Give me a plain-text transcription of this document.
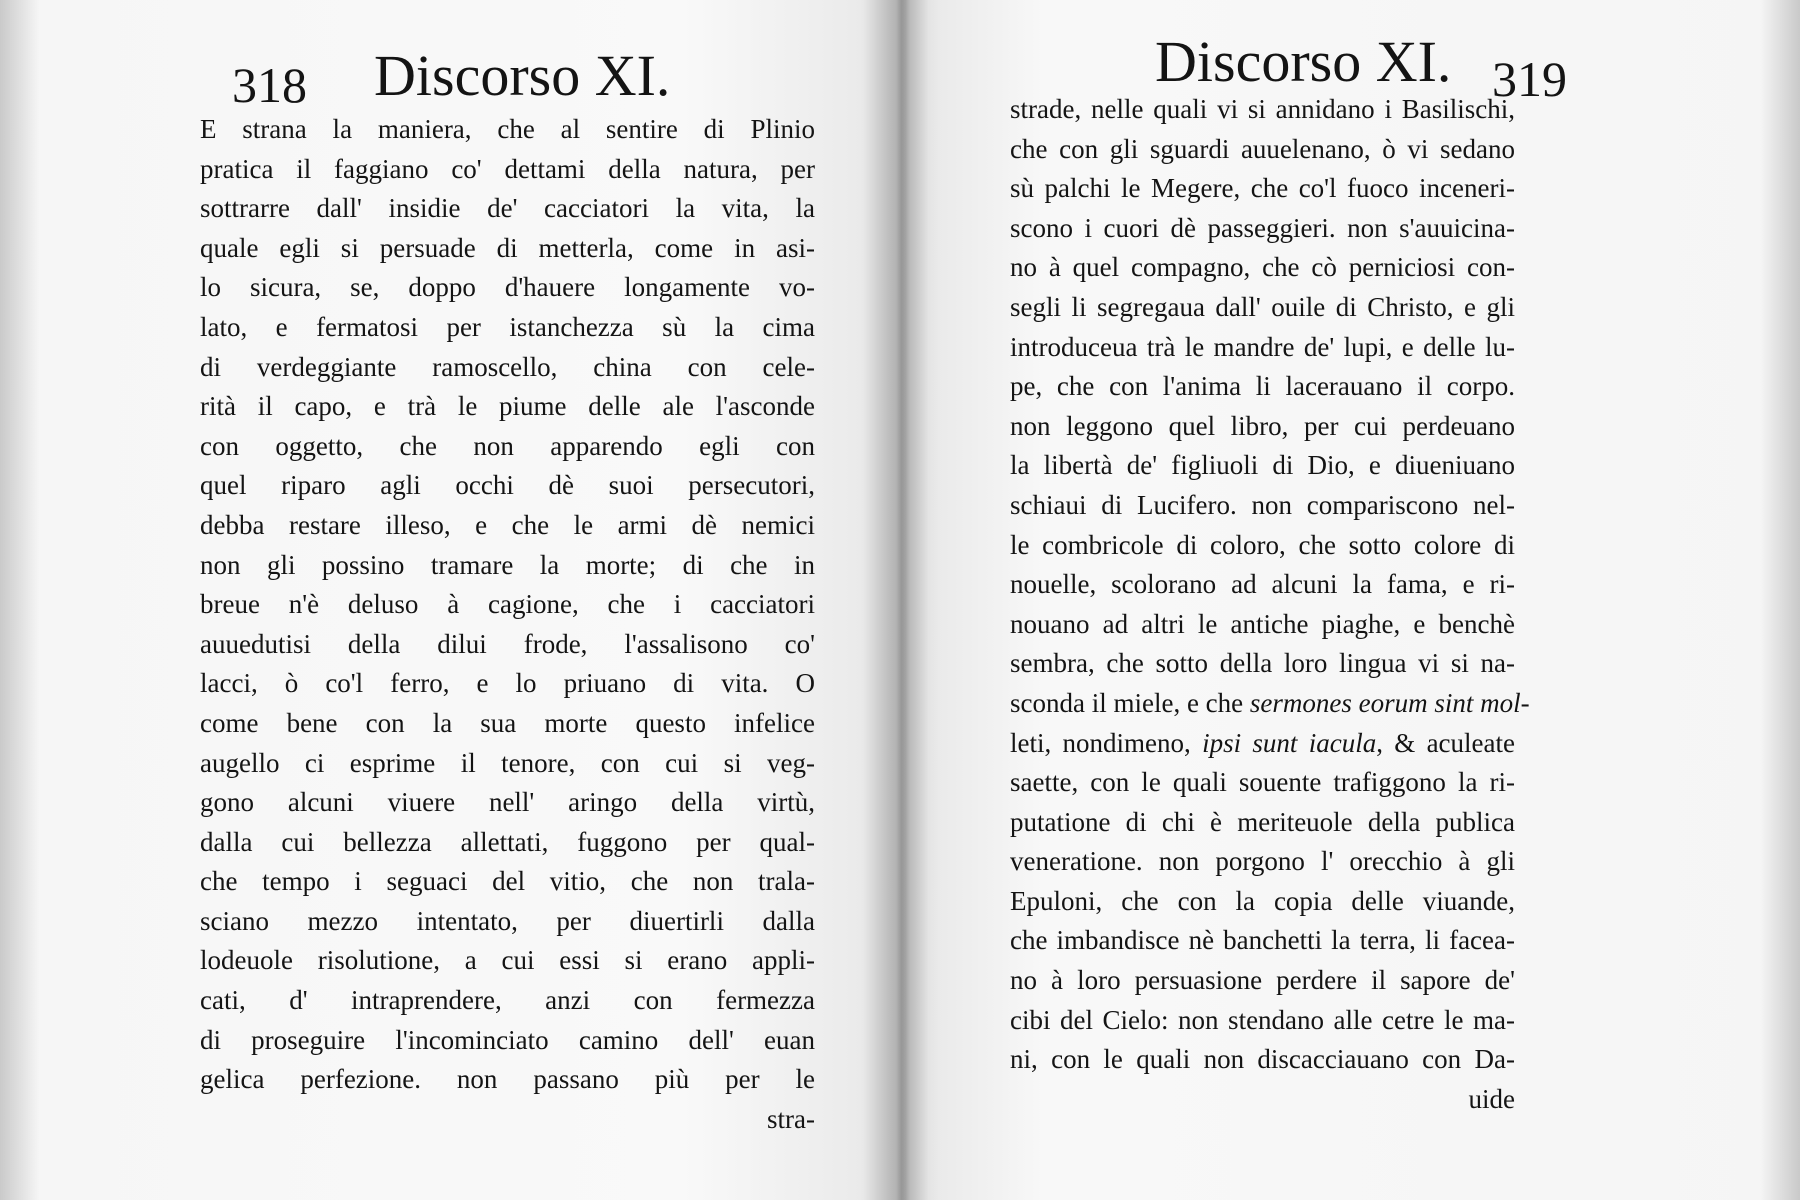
318 Discorso XI.
E strana la maniera, che al sentire di Plinio
pratica il faggiano co' dettami della natura, per
sottrarre dall' insidie de' cacciatori la vita, la
quale egli si persuade di metterla, come in asi-
lo sicura, se, doppo d'hauere longamente vo-
lato, e fermatosi per istanchezza sù la cima
di verdeggiante ramoscello, china con cele-
rità il capo, e trà le piume delle ale l'asconde
con oggetto, che non apparendo egli con
quel riparo agli occhi dè suoi persecutori,
debba restare illeso, e che le armi dè nemici
non gli possino tramare la morte; di che in
breue n'è deluso à cagione, che i cacciatori
auuedutisi della dilui frode, l'assalisono co'
lacci, ò co'l ferro, e lo priuano di vita. O
come bene con la sua morte questo infelice
augello ci esprime il tenore, con cui si veg-
gono alcuni viuere nell' aringo della virtù,
dalla cui bellezza allettati, fuggono per qual-
che tempo i seguaci del vitio, che non trala-
sciano mezzo intentato, per diuertirli dalla
lodeuole risolutione, a cui essi si erano appli-
cati, d' intraprendere, anzi con fermezza
di proseguire l'incominciato camino dell' euan
gelica perfezione. non passano più per le
stra-
Discorso XI. 319
strade, nelle quali vi si annidano i Basilischi,
che con gli sguardi auuelenano, ò vi sedano
sù palchi le Megere, che co'l fuoco inceneri-
scono i cuori dè passeggieri. non s'auuicina-
no à quel compagno, che cò perniciosi con-
segli li segregaua dall' ouile di Christo, e gli
introduceua trà le mandre de' lupi, e delle lu-
pe, che con l'anima li lacerauano il corpo.
non leggono quel libro, per cui perdeuano
la libertà de' figliuoli di Dio, e diueniuano
schiaui di Lucifero. non compariscono nel-
le combricole di coloro, che sotto colore di
nouelle, scolorano ad alcuni la fama, e ri-
nouano ad altri le antiche piaghe, e benchè
sembra, che sotto della loro lingua vi si na-
sconda il miele, e che sermones eorum sint mol-
leti, nondimeno, ipsi sunt iacula, & aculeate
saette, con le quali souente trafiggono la ri-
putatione di chi è meriteuole della publica
veneratione. non porgono l' orecchio à gli
Epuloni, che con la copia delle viuande,
che imbandisce nè banchetti la terra, li facea-
no à loro persuasione perdere il sapore de'
cibi del Cielo: non stendano alle cetre le ma-
ni, con le quali non discacciauano con Da-
uide
